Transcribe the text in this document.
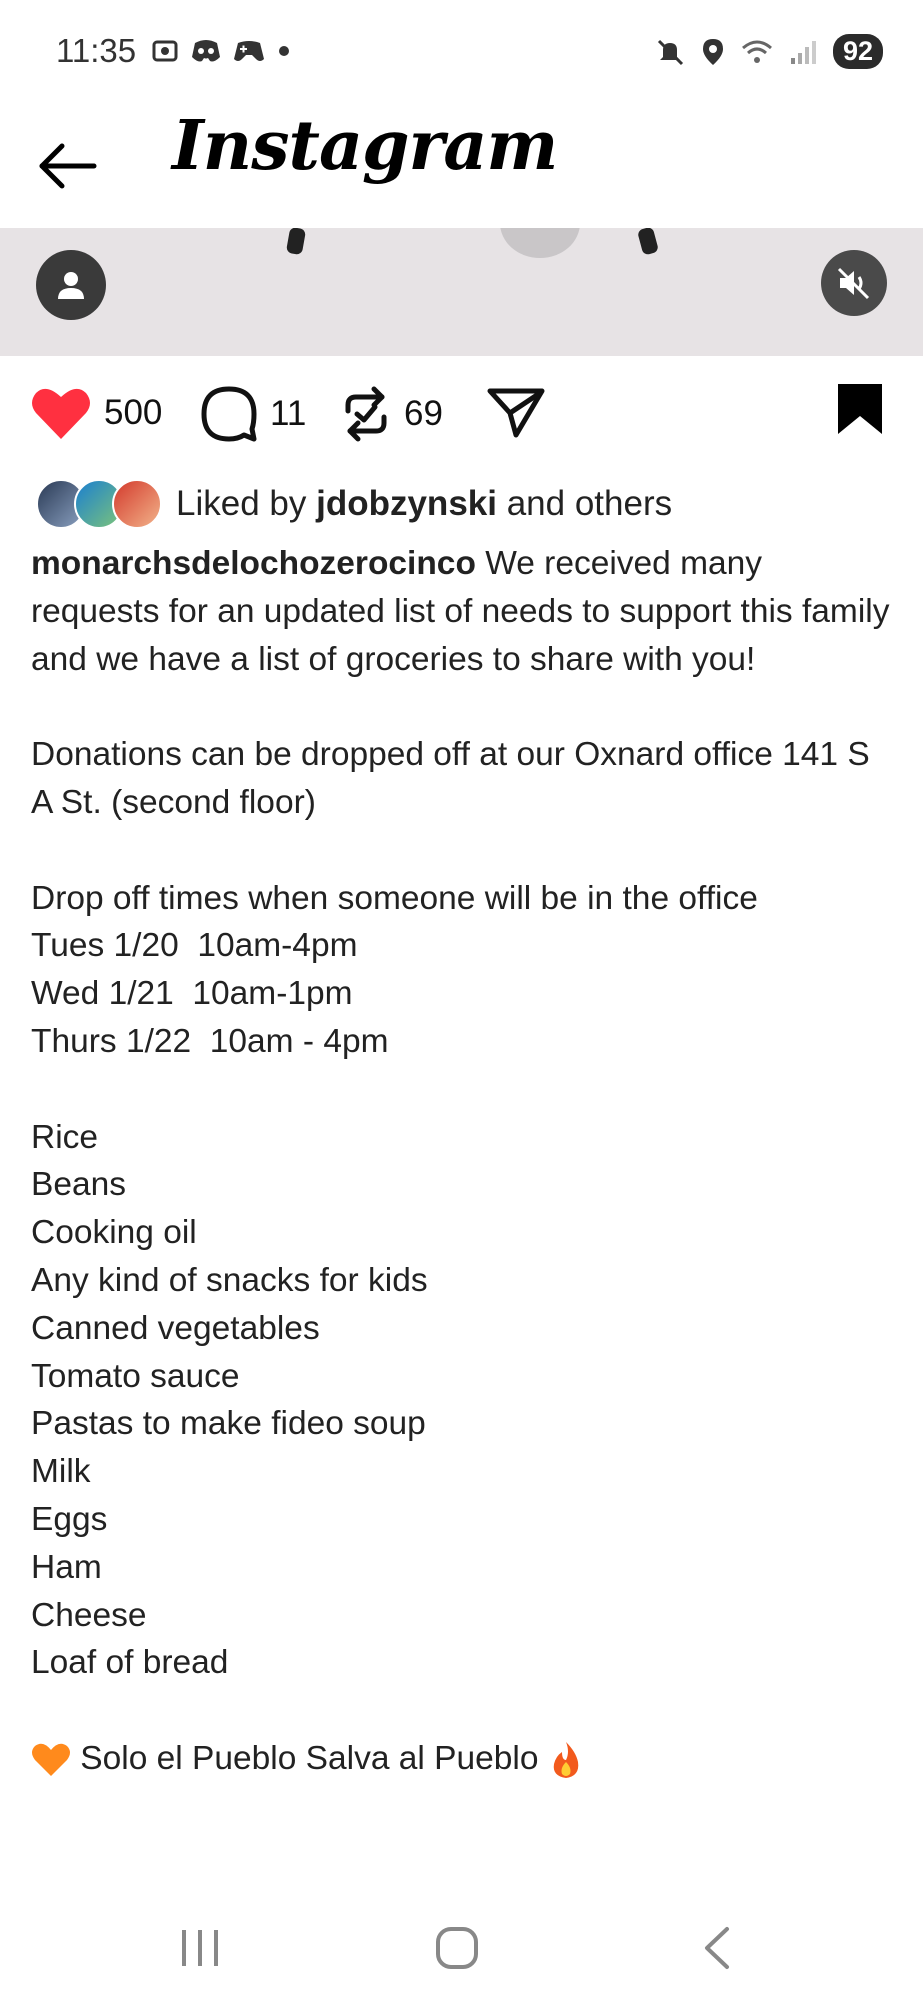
11:35	92
Instagram
500	11	69
Liked by jdobzynski and others
monarchsdelochozerocinco We received many requests for an updated list of needs to support this family and we have a list of groceries to share with you!

Donations can be dropped off at our Oxnard office 141 S A St. (second floor)

Drop off times when someone will be in the office
Tues 1/20  10am-4pm
Wed 1/21  10am-1pm
Thurs 1/22  10am - 4pm

Rice
Beans
Cooking oil
Any kind of snacks for kids
Canned vegetables
Tomato sauce
Pastas to make fideo soup
Milk
Eggs
Ham
Cheese
Loaf of bread

Solo el Pueblo Salva al Pueblo
